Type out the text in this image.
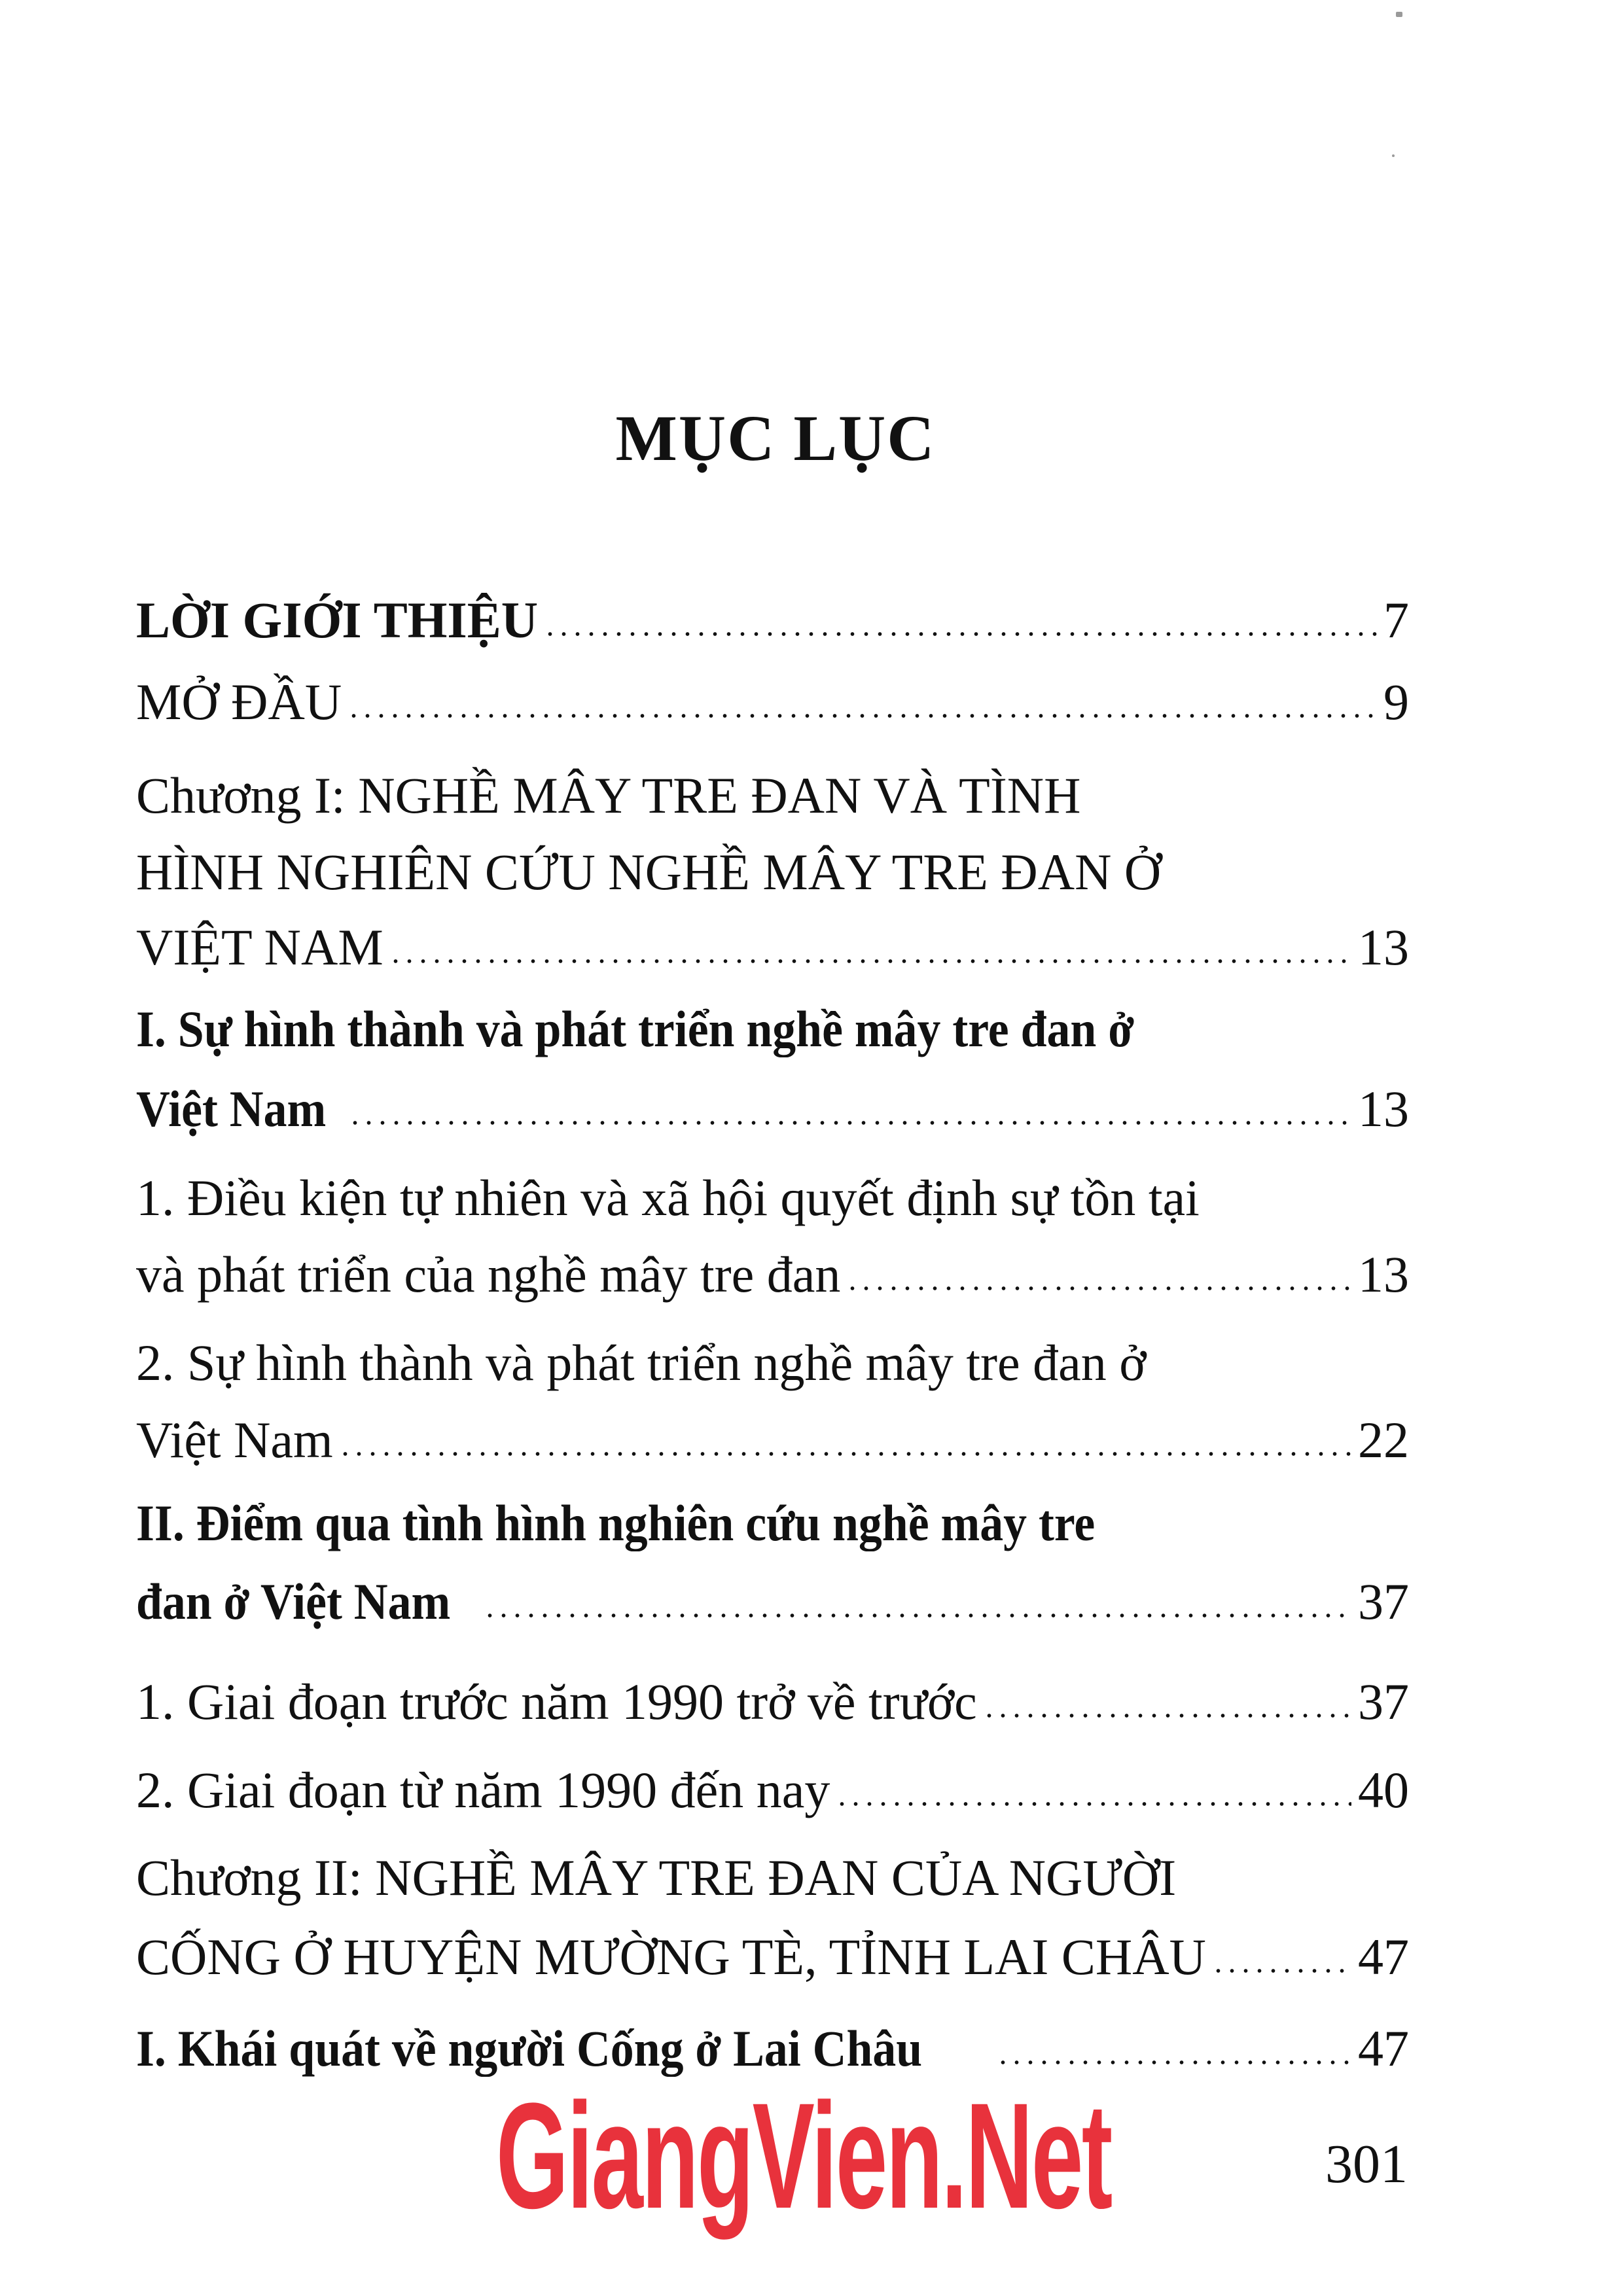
MỤC LỤC
LỜI GIỚI THIỆU	7
MỞ ĐẦU	9
Chương I: NGHỀ MÂY TRE ĐAN VÀ TÌNH
HÌNH NGHIÊN CỨU NGHỀ MÂY TRE ĐAN Ở
VIỆT NAM	13
I. Sự hình thành và phát triển nghề mây tre đan ở
Việt Nam	13
1. Điều kiện tự nhiên và xã hội quyết định sự tồn tại
và phát triển của nghề mây tre đan	13
2. Sự hình thành và phát triển nghề mây tre đan ở
Việt Nam	22
II. Điểm qua tình hình nghiên cứu nghề mây tre
đan ở Việt Nam	37
1. Giai đoạn trước năm 1990 trở về trước	37
2. Giai đoạn từ năm 1990 đến nay	40
Chương II: NGHỀ MÂY TRE ĐAN CỦA NGƯỜI
CỐNG Ở HUYỆN MƯỜNG TÈ, TỈNH LAI CHÂU	47
I. Khái quát về người Cống ở Lai Châu	47
GiangVien.Net	301
